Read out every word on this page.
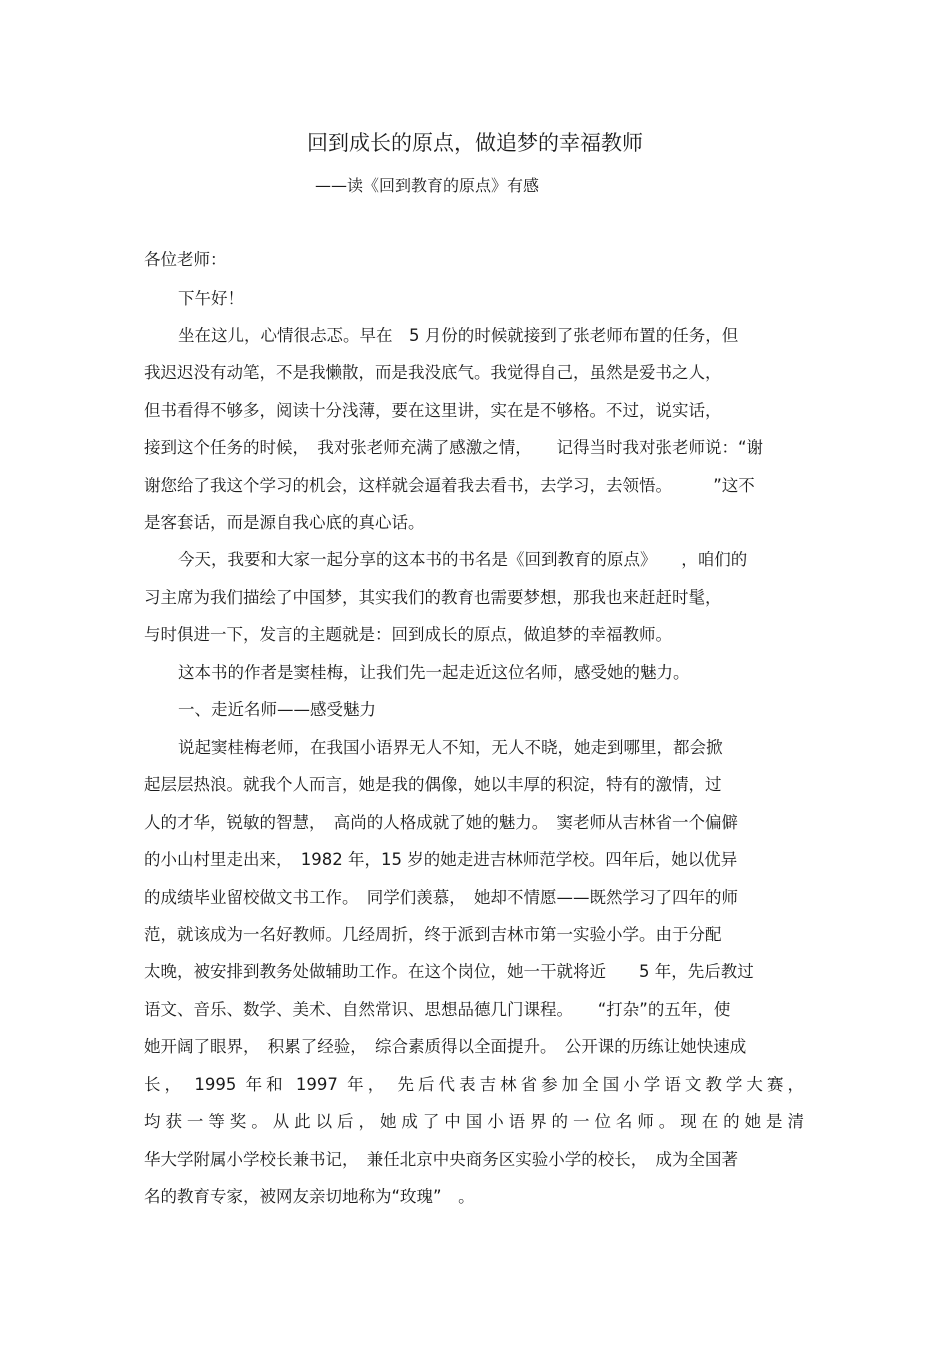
回到成长的原点，做追梦的幸福教师
——读《回到教育的原点》有感
各位老师：
下午好！
坐在这儿，心情很忐忑。早在　5 月份的时候就接到了张老师布置的任务，但
我迟迟没有动笔，不是我懒散，而是我没底气。我觉得自己，虽然是爱书之人，
但书看得不够多，阅读十分浅薄，要在这里讲，实在是不够格。不过，说实话，
接到这个任务的时候，　我对张老师充满了感激之情，　　记得当时我对张老师说：“谢
谢您给了我这个学习的机会，这样就会逼着我去看书，去学习，去领悟。　　　”这不
是客套话，而是源自我心底的真心话。
今天，我要和大家一起分享的这本书的书名是《回到教育的原点》　　，咱们的
习主席为我们描绘了中国梦，其实我们的教育也需要梦想，那我也来赶赶时髦，
与时俱进一下，发言的主题就是：回到成长的原点，做追梦的幸福教师。
这本书的作者是窦桂梅，让我们先一起走近这位名师，感受她的魅力。
一、走近名师——感受魅力
说起窦桂梅老师，在我国小语界无人不知，无人不晓，她走到哪里，都会掀
起层层热浪。就我个人而言，她是我的偶像，她以丰厚的积淀，特有的激情，过
人的才华，锐敏的智慧，　高尚的人格成就了她的魅力。　窦老师从吉林省一个偏僻
的小山村里走出来，　1982 年，15 岁的她走进吉林师范学校。四年后，她以优异
的成绩毕业留校做文书工作。　同学们羡慕，　她却不情愿——既然学习了四年的师
范，就该成为一名好教师。几经周折，终于派到吉林市第一实验小学。由于分配
太晚，被安排到教务处做辅助工作。在这个岗位，她一干就将近　　5 年，先后教过
语文、音乐、数学、美术、自然常识、思想品德几门课程。　　“打杂”的五年，使
她开阔了眼界，　积累了经验，　综合素质得以全面提升。　公开课的历练让她快速成
长， 1995 年和 1997 年， 先后代表吉林省参加全国小学语文教学大赛，
均获一等奖。从此以后，她成了中国小语界的一位名师。现在的她是清
华大学附属小学校长兼书记，　兼任北京中央商务区实验小学的校长，　成为全国著
名的教育专家，被网友亲切地称为“玫瑰”　。
